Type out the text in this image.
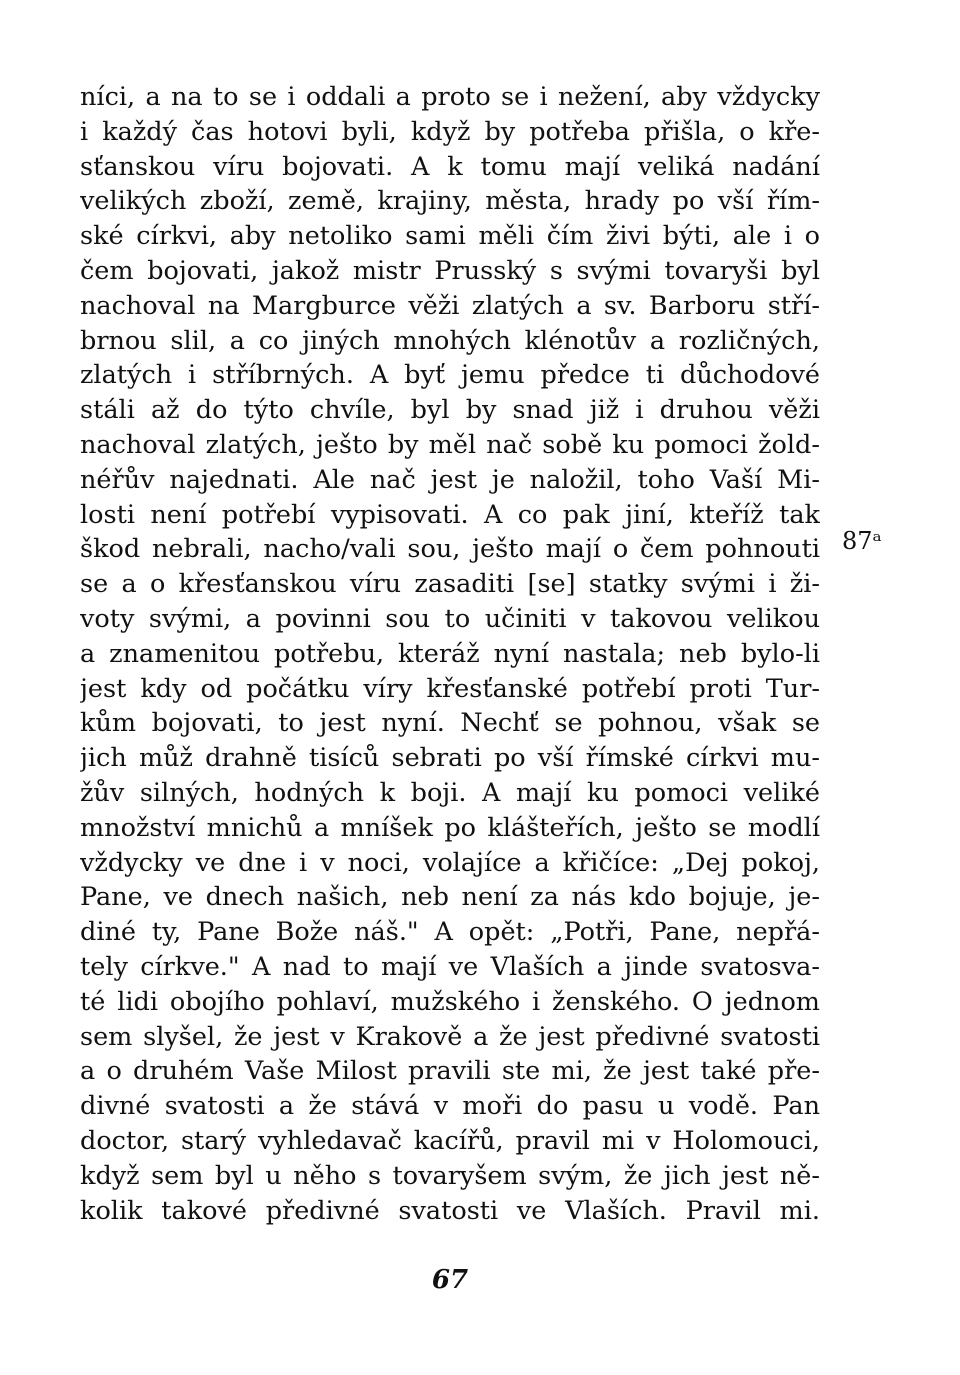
níci, a na to se i oddali a proto se i nežení, aby vždycky
i každý čas hotovi byli, když by potřeba přišla, o kře-
sťanskou víru bojovati. A k tomu mají veliká nadání
velikých zboží, země, krajiny, města, hrady po vší řím-
ské církvi, aby netoliko sami měli čím živi býti, ale i o
čem bojovati, jakož mistr Prusský s svými tovaryši byl
nachoval na Margburce věži zlatých a sv. Barboru stří-
brnou slil, a co jiných mnohých klénotův a rozličných,
zlatých i stříbrných. A byť jemu předce ti důchodové
stáli až do týto chvíle, byl by snad již i druhou věži
nachoval zlatých, ješto by měl nač sobě ku pomoci žold-
néřův najednati. Ale nač jest je naložil, toho Vaší Mi-
losti není potřebí vypisovati. A co pak jiní, kteříž tak
škod nebrali, nacho/vali sou, ješto mají o čem pohnouti
se a o křesťanskou víru zasaditi [se] statky svými i ži-
voty svými, a povinni sou to učiniti v takovou velikou
a znamenitou potřebu, kteráž nyní nastala; neb bylo-li
jest kdy od počátku víry křesťanské potřebí proti Tur-
kům bojovati, to jest nyní. Nechť se pohnou, však se
jich můž drahně tisíců sebrati po vší římské církvi mu-
žův silných, hodných k boji. A mají ku pomoci veliké
množství mnichů a mníšek po klášteřích, ješto se modlí
vždycky ve dne i v noci, volajíce a křičíce: „Dej pokoj,
Pane, ve dnech našich, neb není za nás kdo bojuje, je-
diné ty, Pane Bože náš." A opět: „Potři, Pane, nepřá-
tely církve." A nad to mají ve Vlaších a jinde svatosva-
té lidi obojího pohlaví, mužského i ženského. O jednom
sem slyšel, že jest v Krakově a že jest předivné svatosti
a o druhém Vaše Milost pravili ste mi, že jest také pře-
divné svatosti a že stává v moři do pasu u vodě. Pan
doctor, starý vyhledavač kacířů, pravil mi v Holomouci,
když sem byl u něho s tovaryšem svým, že jich jest ně-
kolik takové předivné svatosti ve Vlaších. Pravil mi.
87ᵃ
67
